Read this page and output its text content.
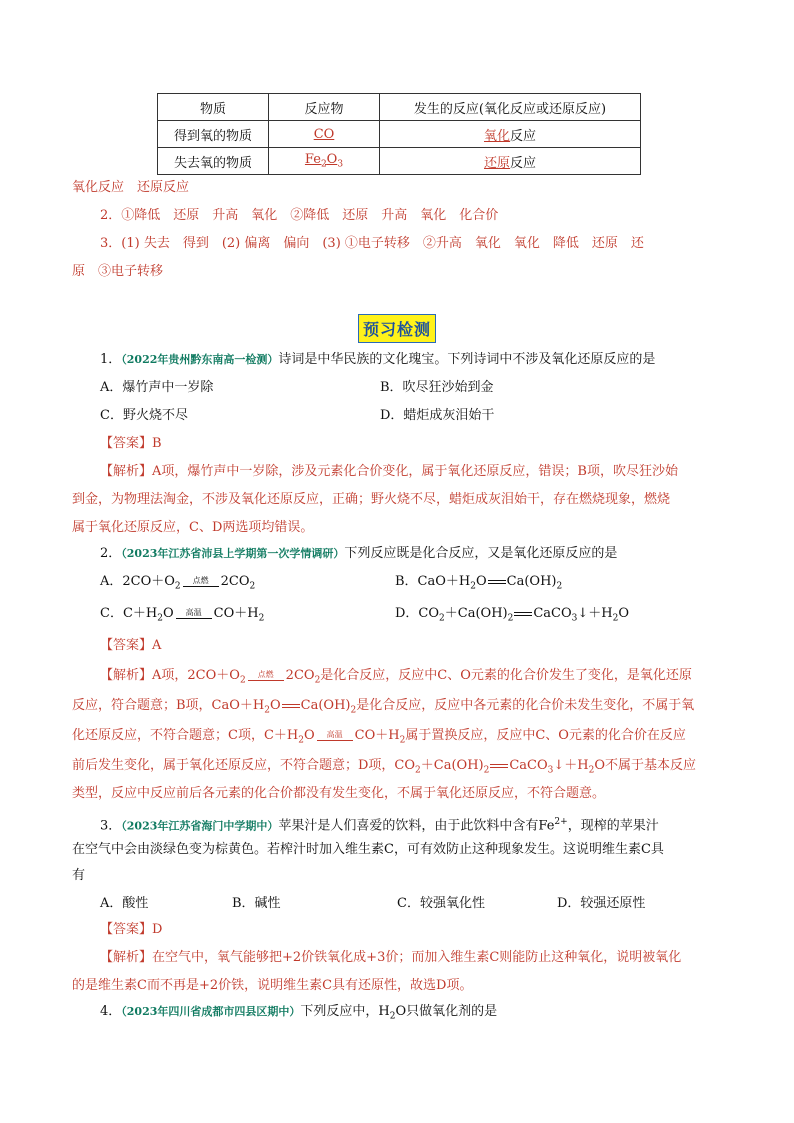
物质	反应物	发生的反应(氧化反应或还原反应)
得到氧的物质	CO	氧化反应
失去氧的物质	$Fe_2O_3$	还原反应
氧化反应　还原反应
2．①降低　还原　升高　氧化　②降低　还原　升高　氧化　化合价
3．(1) 失去　得到　(2) 偏离　偏向　(3) ①电子转移　②升高　氧化　氧化　降低　还原　还
原　③电子转移
预习检测
1．（2022年贵州黔东南高一检测）诗词是中华民族的文化瑰宝。下列诗词中不涉及氧化还原反应的是
A．爆竹声中一岁除	B．吹尽狂沙始到金
C．野火烧不尽	D．蜡炬成灰泪始干
【答案】B
【解析】A项，爆竹声中一岁除，涉及元素化合价变化，属于氧化还原反应，错误；B项，吹尽狂沙始
到金，为物理法淘金，不涉及氧化还原反应，正确；野火烧不尽，蜡炬成灰泪始干，存在燃烧现象，燃烧
属于氧化还原反应，C、D两选项均错误。
2．（2023年江苏省沛县上学期第一次学情调研）下列反应既是化合反应，又是氧化还原反应的是
A．$2CO+O_2$
点燃 $2CO_2$	B．$CaO+H_2O$ $Ca(OH)_2$
C．$C+H_2O$	高温 $CO+H_2$	D．$CO_2+Ca(OH)_2$ $CaCO_3↓+H_2O$
【答案】A
【解析】A项，$2CO+O_2$
点燃 $2CO_2$是化合反应，反应中C、O元素的化合价发生了变化，是氧化还原
反应，符合题意；B项，$CaO+H_2O$ $Ca(OH)_2$是化合反应，反应中各元素的化合价未发生变化，不属于氧
化还原反应，不符合题意；C项，$C+H_2O$	高温 $CO+H_2$属于置换反应，反应中C、O元素的化合价在反应
前后发生变化，属于氧化还原反应，不符合题意；D项，$CO_2+Ca(OH)_2$ $CaCO_3↓+H_2O$不属于基本反应
类型，反应中反应前后各元素的化合价都没有发生变化，不属于氧化还原反应，不符合题意。
3．（2023年江苏省海门中学期中）苹果汁是人们喜爱的饮料，由于此饮料中含有$Fe^{2+}$，现榨的苹果汁
在空气中会由淡绿色变为棕黄色。若榨汁时加入维生素C，可有效防止这种现象发生。这说明维生素C具
有
A．酸性	B．碱性	C．较强氧化性	D．较强还原性
【答案】D
【解析】在空气中，氧气能够把+2价铁氧化成+3价；而加入维生素C则能防止这种氧化，说明被氧化
的是维生素C而不再是+2价铁，说明维生素C具有还原性，故选D项。
4．（2023年四川省成都市四县区期中）下列反应中，$H_2O$只做氧化剂的是
